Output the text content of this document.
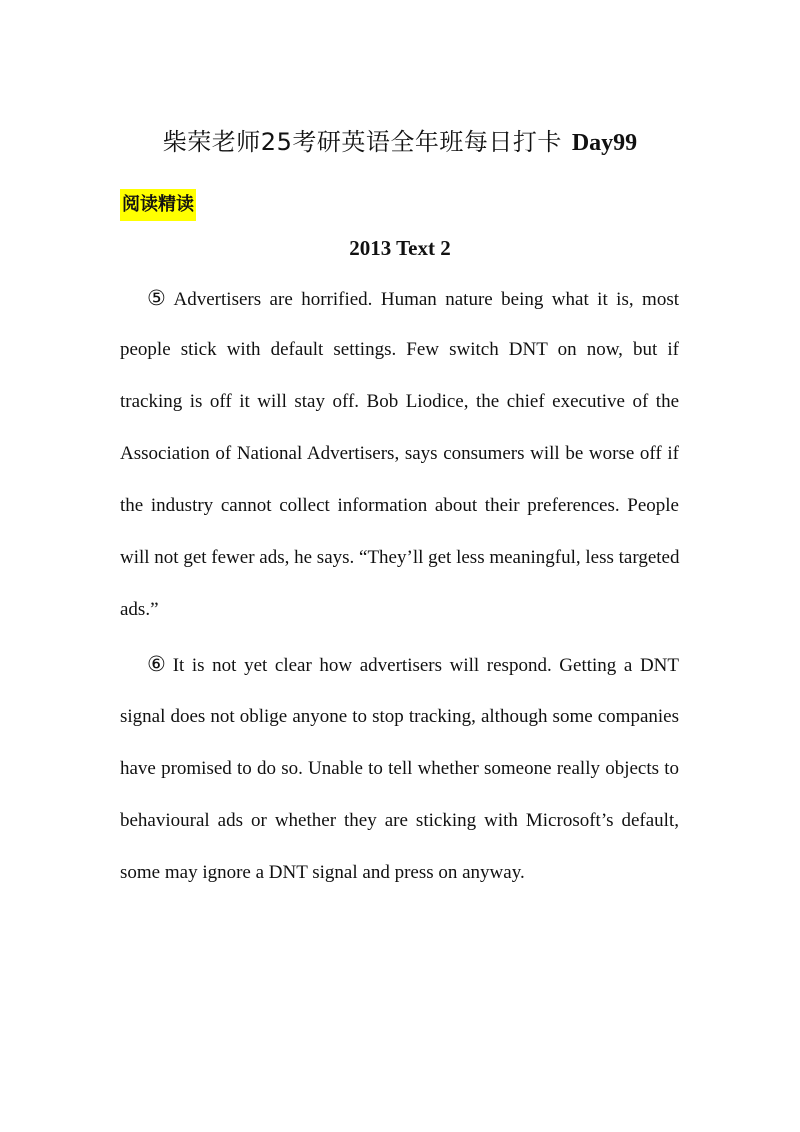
柴荣老师25考研英语全年班每日打卡 Day99
阅读精读
2013 Text 2
⑤ Advertisers are horrified. Human nature being what it is, most
people stick with default settings. Few switch DNT on now, but if
tracking is off it will stay off. Bob Liodice, the chief executive of the
Association of National Advertisers, says consumers will be worse off if
the industry cannot collect information about their preferences. People
will not get fewer ads, he says. “They’ll get less meaningful, less targeted
ads.”
⑥ It is not yet clear how advertisers will respond. Getting a DNT
signal does not oblige anyone to stop tracking, although some companies
have promised to do so. Unable to tell whether someone really objects to
behavioural ads or whether they are sticking with Microsoft’s default,
some may ignore a DNT signal and press on anyway.
